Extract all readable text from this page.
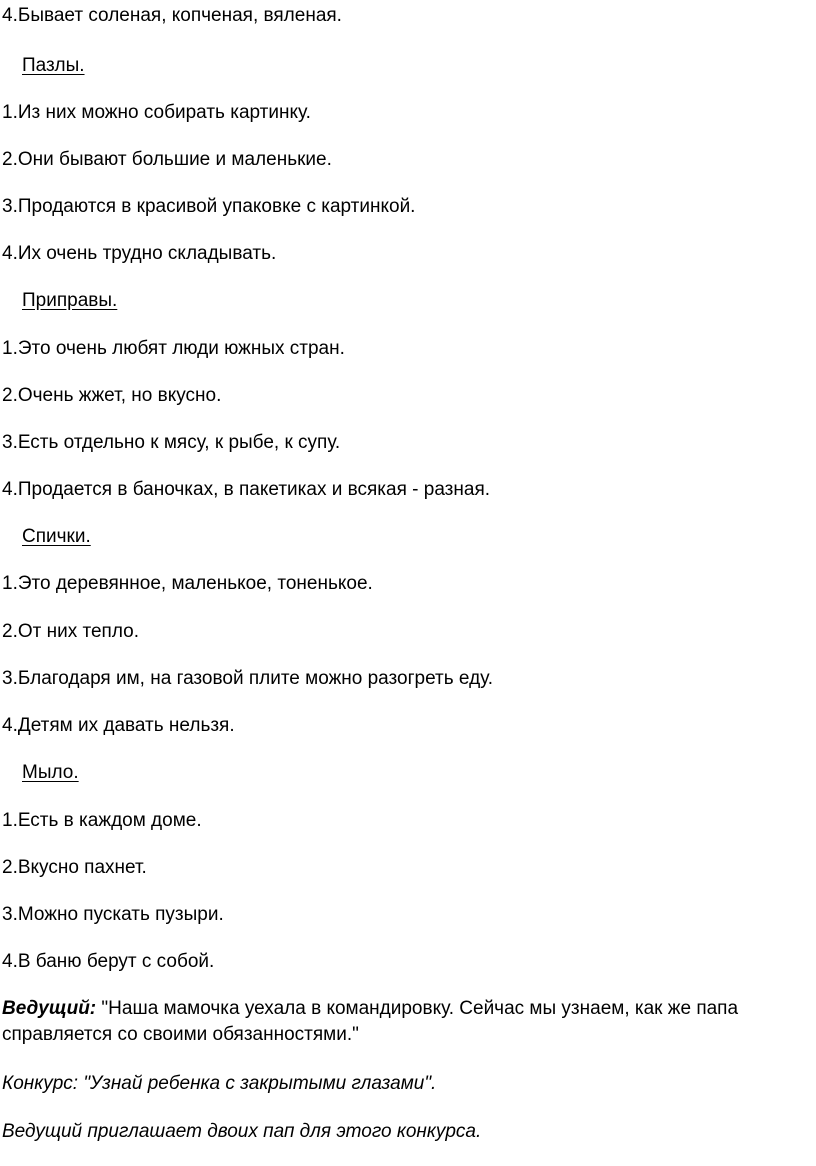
4.Бывает соленая, копченая, вяленая.
Пазлы.
1.Из них можно собирать картинку.
2.Они бывают большие и маленькие.
3.Продаются в красивой упаковке с картинкой.
4.Их очень трудно складывать.
Приправы.
1.Это очень любят люди южных стран.
2.Очень жжет, но вкусно.
3.Есть отдельно к мясу, к рыбе, к супу.
4.Продается в баночках, в пакетиках и всякая - разная.
Спички.
1.Это деревянное, маленькое, тоненькое.
2.От них тепло.
3.Благодаря им, на газовой плите можно разогреть еду.
4.Детям их давать нельзя.
Мыло.
1.Есть в каждом доме.
2.Вкусно пахнет.
3.Можно пускать пузыри.
4.В баню берут с собой.
Ведущий: "Наша мамочка уехала в командировку. Сейчас мы узнаем, как же папа справляется со своими обязанностями."
Конкурс: "Узнай ребенка с закрытыми глазами".
Ведущий приглашает двоих пап для этого конкурса.
